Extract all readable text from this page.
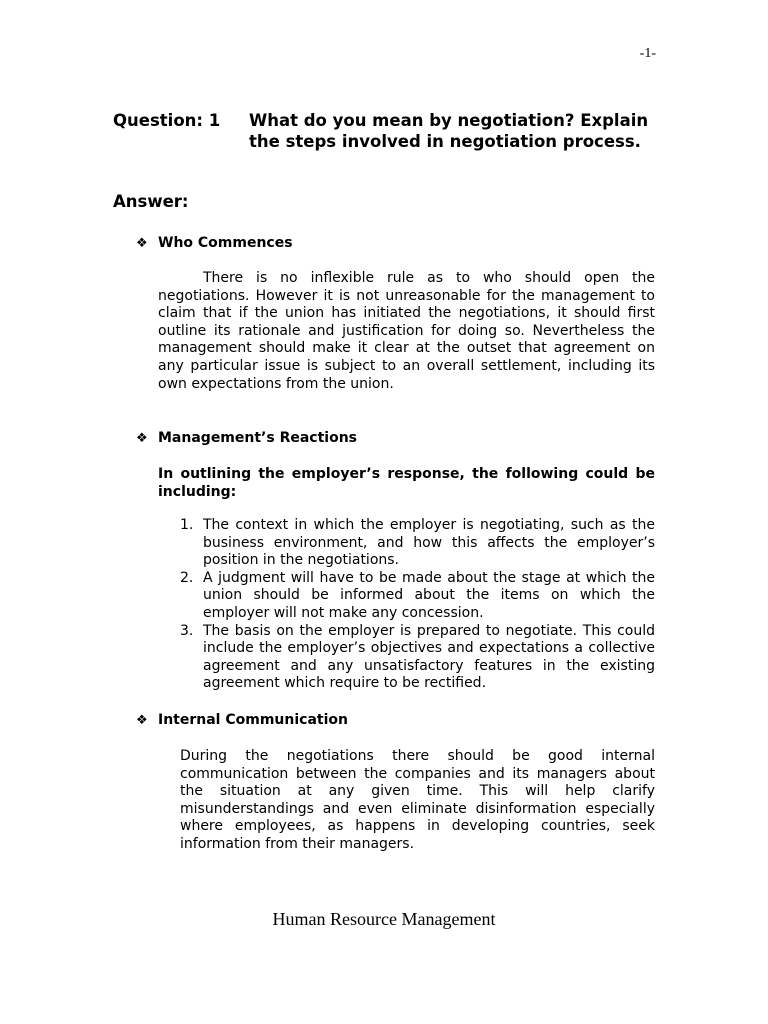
-1-
Question: 1 What do you mean by negotiation? Explain the steps involved in negotiation process.
Answer:
❖ Who Commences
There is no inflexible rule as to who should open the negotiations. However it is not unreasonable for the management to claim that if the union has initiated the negotiations, it should first outline its rationale and justification for doing so. Nevertheless the management should make it clear at the outset that agreement on any particular issue is subject to an overall settlement, including its own expectations from the union.
❖ Management’s Reactions
In outlining the employer’s response, the following could be including:
1. The context in which the employer is negotiating, such as the business environment, and how this affects the employer’s position in the negotiations.
2. A judgment will have to be made about the stage at which the union should be informed about the items on which the employer will not make any concession.
3. The basis on the employer is prepared to negotiate. This could include the employer’s objectives and expectations a collective agreement and any unsatisfactory features in the existing agreement which require to be rectified.
❖ Internal Communication
During the negotiations there should be good internal communication between the companies and its managers about the situation at any given time. This will help clarify misunderstandings and even eliminate disinformation especially where employees, as happens in developing countries, seek information from their managers.
Human Resource Management
